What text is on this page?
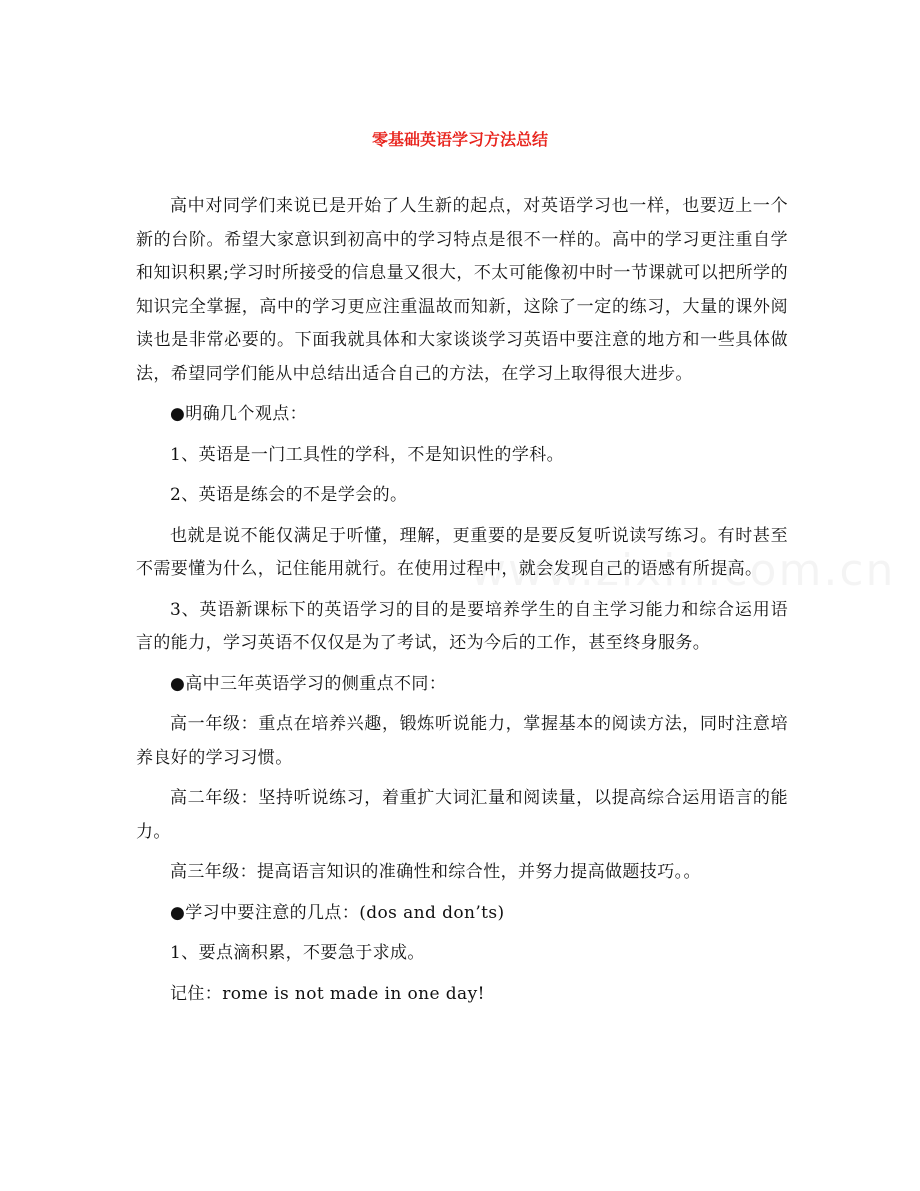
零基础英语学习方法总结

高中对同学们来说已是开始了人生新的起点，对英语学习也一样，也要迈上一个新的台阶。希望大家意识到初高中的学习特点是很不一样的。高中的学习更注重自学和知识积累;学习时所接受的信息量又很大，不太可能像初中时一节课就可以把所学的知识完全掌握，高中的学习更应注重温故而知新，这除了一定的练习，大量的课外阅读也是非常必要的。下面我就具体和大家谈谈学习英语中要注意的地方和一些具体做法，希望同学们能从中总结出适合自己的方法，在学习上取得很大进步。

●明确几个观点：

1、英语是一门工具性的学科，不是知识性的学科。

2、英语是练会的不是学会的。

也就是说不能仅满足于听懂，理解，更重要的是要反复听说读写练习。有时甚至不需要懂为什么，记住能用就行。在使用过程中，就会发现自己的语感有所提高。

3、英语新课标下的英语学习的目的是要培养学生的自主学习能力和综合运用语言的能力，学习英语不仅仅是为了考试，还为今后的工作，甚至终身服务。

●高中三年英语学习的侧重点不同：

高一年级：重点在培养兴趣，锻炼听说能力，掌握基本的阅读方法，同时注意培养良好的学习习惯。

高二年级：坚持听说练习，着重扩大词汇量和阅读量，以提高综合运用语言的能力。

高三年级：提高语言知识的准确性和综合性，并努力提高做题技巧。。

●学习中要注意的几点：(dos and don’ts)

1、要点滴积累，不要急于求成。

记住：rome is not made in one day!
